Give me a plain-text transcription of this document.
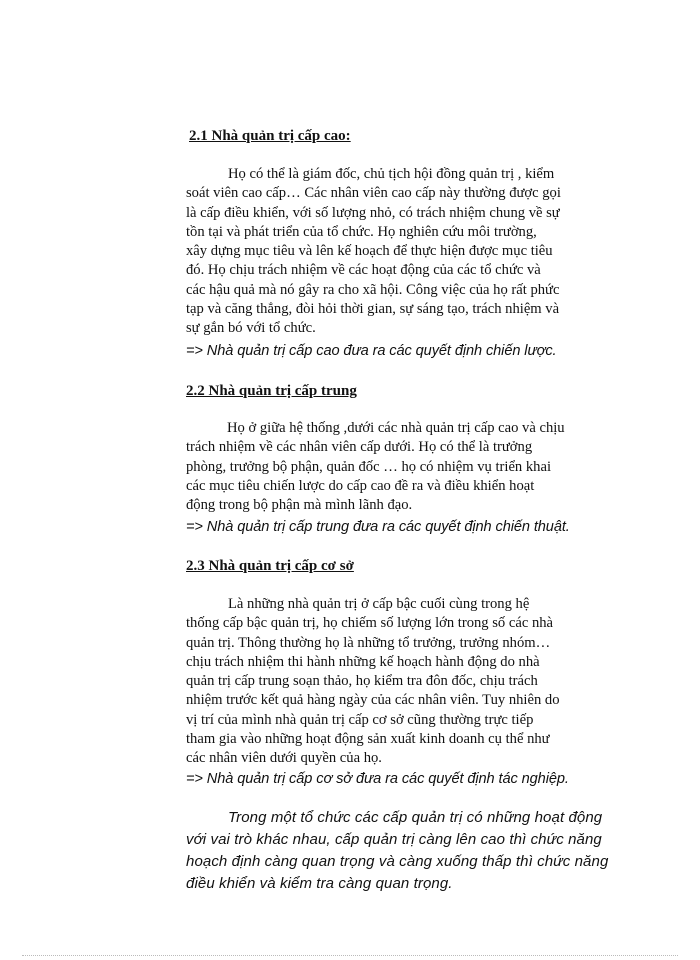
2.1 Nhà quản trị cấp cao:
Họ có thể là giám đốc, chủ tịch hội đồng quản trị , kiểm
soát viên cao cấp… Các nhân viên cao cấp này thường được gọi
là cấp điều khiển, với số lượng nhỏ, có trách nhiệm chung về sự
tồn tại và phát triển của tổ chức. Họ nghiên cứu môi trường,
xây dựng mục tiêu và lên kế hoạch để thực hiện được mục tiêu
đó. Họ chịu trách nhiệm về các hoạt động của các tổ chức và
các hậu quả mà nó gây ra cho xã hội. Công việc của họ rất phức
tạp và căng thẳng, đòi hỏi thời gian, sự sáng tạo, trách nhiệm và
sự gắn bó với tổ chức.
=> Nhà quản trị cấp cao đưa ra các quyết định chiến lược.
2.2 Nhà quản trị cấp trung
Họ ở giữa hệ thống ,dưới các nhà quản trị cấp cao và chịu
trách nhiệm về các nhân viên cấp dưới. Họ có thể là trưởng
phòng, trưởng bộ phận, quản đốc … họ có nhiệm vụ triển khai
các mục tiêu chiến lược do cấp cao đề ra và điều khiển hoạt
động trong bộ phận mà mình lãnh đạo.
=> Nhà quản trị cấp trung đưa ra các quyết định chiến thuật.
2.3 Nhà quản trị cấp cơ sở
Là những nhà quản trị ở cấp bậc cuối cùng trong hệ
thống cấp bậc quản trị, họ chiếm số lượng lớn trong số các nhà
quản trị. Thông thường họ là những tổ trưởng, trưởng nhóm…
chịu trách nhiệm thi hành những kế hoạch hành động do nhà
quản trị cấp trung soạn thảo, họ kiểm tra đôn đốc, chịu trách
nhiệm trước kết quả hàng ngày của các nhân viên. Tuy nhiên do
vị trí của mình nhà quản trị cấp cơ sở cũng thường trực tiếp
tham gia vào những hoạt động sản xuất kinh doanh cụ thể như
các nhân viên dưới quyền của họ.
=> Nhà quản trị cấp cơ sở đưa ra các quyết định tác nghiệp.
Trong một tổ chức các cấp quản trị có những hoạt động
với vai trò khác nhau, cấp quản trị càng lên cao thì chức năng
hoạch định càng quan trọng và càng xuống thấp thì chức năng
điều khiển và kiểm tra càng quan trọng.
